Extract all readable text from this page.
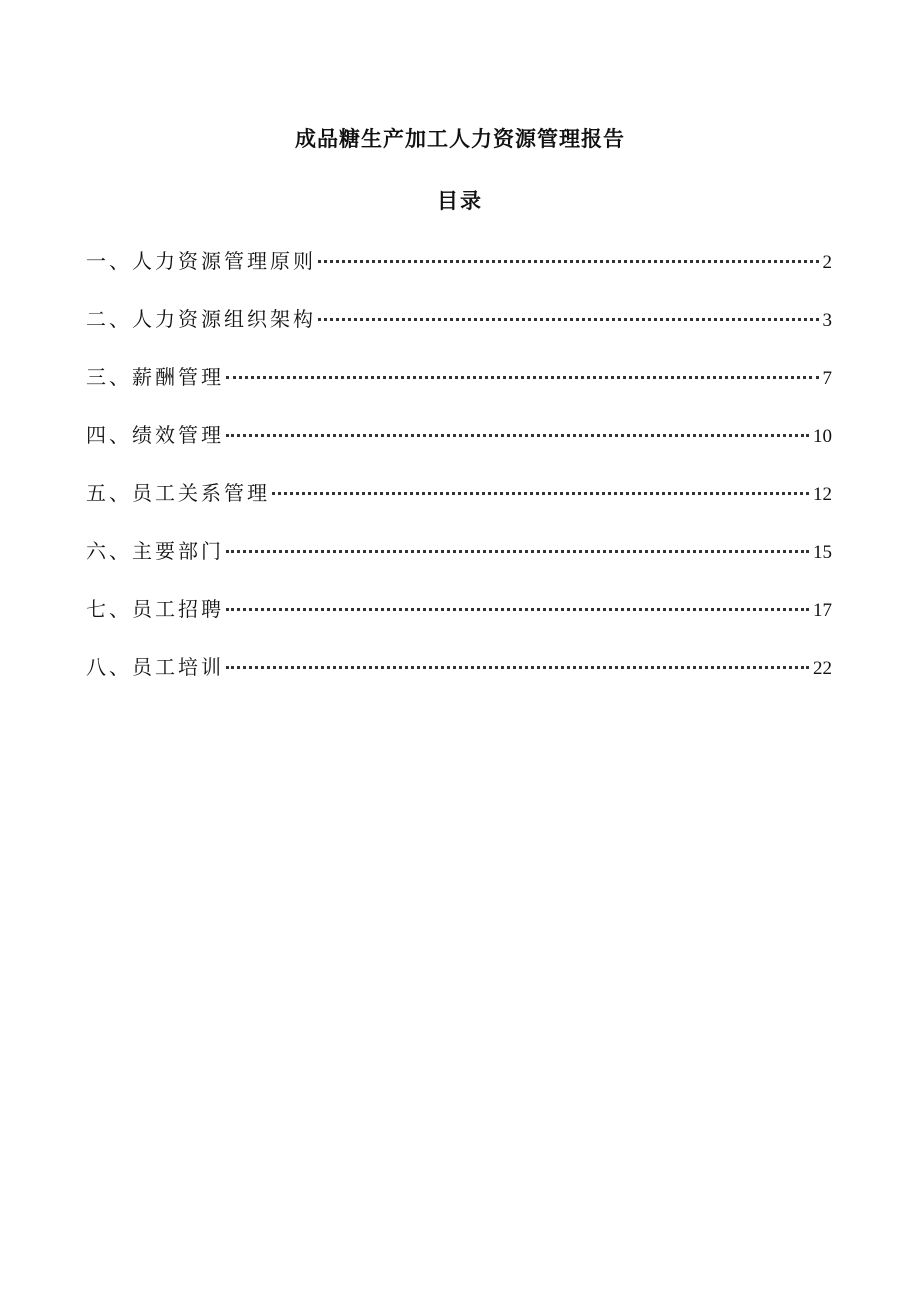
成品糖生产加工人力资源管理报告
目录
一、人力资源管理原则	2
二、人力资源组织架构	3
三、薪酬管理	7
四、绩效管理	10
五、员工关系管理	12
六、主要部门	15
七、员工招聘	17
八、员工培训	22
